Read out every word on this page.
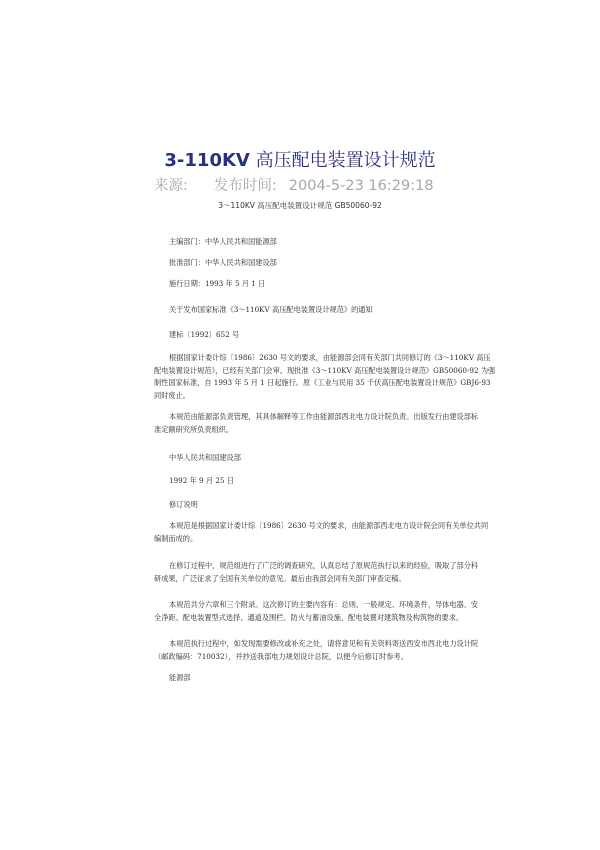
3-110KV 高压配电装置设计规范
来源: 发布时间: 2004-5-23 16:29:18
3～110KV 高压配电装置设计规范 GB50060-92

主编部门：中华人民共和国能源部

批准部门：中华人民共和国建设部

施行日期：1993 年 5 月 1 日

关于发布国家标准《3～110KV 高压配电装置设计规范》的通知

建标〔1992〕652 号

根据国家计委计综〔1986〕2630 号文的要求，由能源部会同有关部门共同修订的《3～110KV 高压
配电装置设计规范》，已经有关部门会审。现批准《3～110KV 高压配电装置设计规范》GB50060-92 为强
制性国家标准，自 1993 年 5 月 1 日起施行。原《工业与民用 35 千伏高压配电装置设计规范》GBJ6-93
同时废止。

本规范由能源部负责管理，其具体解释等工作由能源部西北电力设计院负责。出版发行由建设部标
准定额研究所负责组织。

中华人民共和国建设部

1992 年 9 月 25 日

修订说明

本规范是根据国家计委计综〔1986〕2630 号文的要求，由能源部西北电力设计院会同有关单位共同
编制而成的。

在修订过程中，规范组进行了广泛的调查研究，认真总结了原规范执行以来的经验，吸取了部分科
研成果，广泛征求了全国有关单位的意见。最后由我部会同有关部门审查定稿。

本规范共分六章和三个附录。这次修订的主要内容有：总则、一般规定、环境条件、导体电器、安
全净距、配电装置型式选择、通道及围栏、防火与蓄油设施、配电装置对建筑物及构筑物的要求。

本规范执行过程中，如发现需要修改或补充之处，请将意见和有关资料寄送西安市西北电力设计院
（邮政编码：710032），并抄送我部电力规划设计总院，以便今后修订时参考。

能源部
